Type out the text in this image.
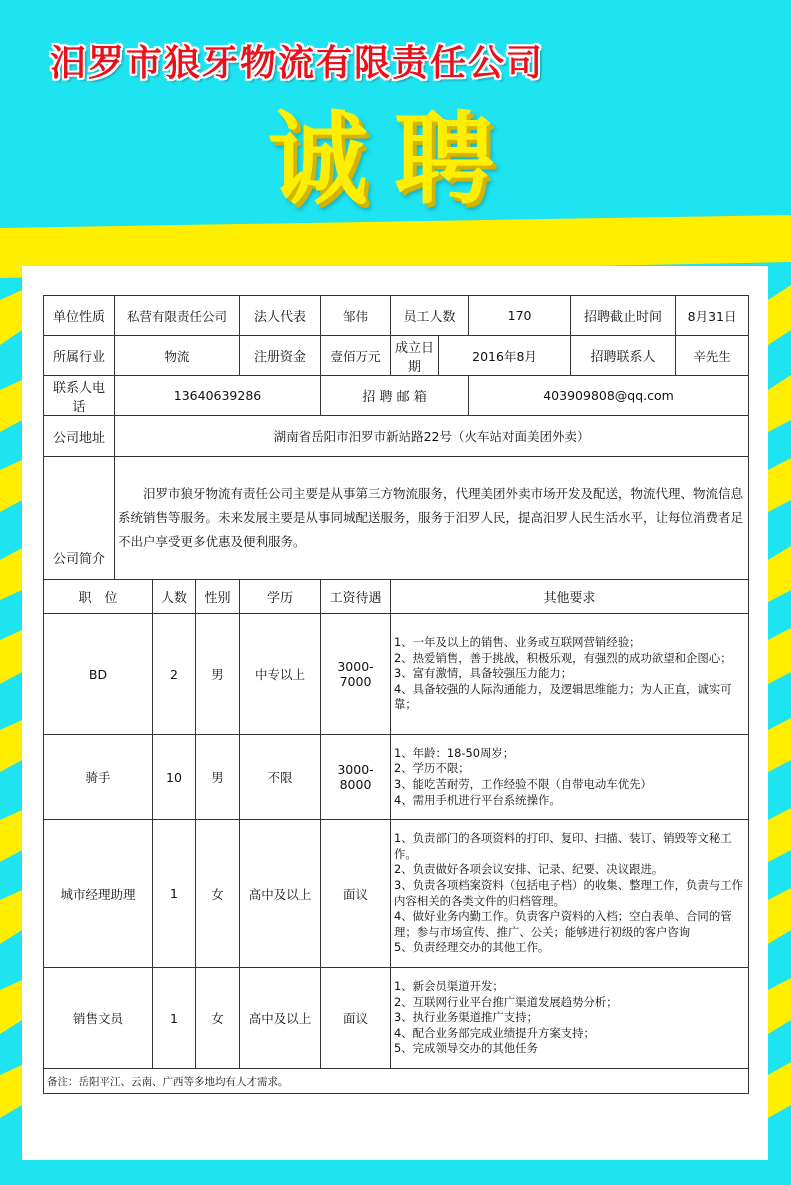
汨罗市狼牙物流有限责任公司
诚聘
单位性质	私营有限责任公司			法人代表	邹伟	员工人数		170	招聘截止时间	8月31日
所属行业	物流			注册资金	壹佰万元	成立日期	2016年8月		招聘联系人	辛先生
联系人电话	13640639286				招 聘 邮 箱			403909808@qq.com		
公司地址	湖南省岳阳市汨罗市新站路22号（火车站对面美团外卖）									
公司简介	汨罗市狼牙物流有责任公司主要是从事第三方物流服务，代理美团外卖市场开发及配送，物流代理、物流信息系统销售等服务。未来发展主要是从事同城配送服务，服务于汨罗人民，提高汨罗人民生活水平，让每位消费者足不出户享受更多优惠及便利服务。									
职　位		人数	性别	学历	工资待遇	其他要求				
BD		2	男	中专以上	3000-7000	1、一年及以上的销售、业务或互联网营销经验；
2、热爱销售，善于挑战，积极乐观，有强烈的成功欲望和企图心；
3、富有激情，具备较强压力能力；
4、具备较强的人际沟通能力，及逻辑思维能力；为人正直，诚实可靠；				

骑手		10	男	不限	3000-8000	1、年龄：18-50周岁；
2、学历不限；
3、能吃苦耐劳，工作经验不限（自带电动车优先）
4、需用手机进行平台系统操作。				

城市经理助理		1	女	高中及以上	面议	1、负责部门的各项资料的打印、复印、扫描、装订、销毁等文秘工作。
2、负责做好各项会议安排、记录、纪要、决议跟进。
3、负责各项档案资料（包括电子档）的收集、整理工作，负责与工作内容相关的各类文件的归档管理。
4、做好业务内勤工作。负责客户资料的入档；空白表单、合同的管理；参与市场宣传、推广、公关；能够进行初级的客户咨询
5、负责经理交办的其他工作。				

销售文员		1	女	高中及以上	面议	1、新会员渠道开发；
2、互联网行业平台推广渠道发展趋势分析；
3、执行业务渠道推广支持；
4、配合业务部完成业绩提升方案支持；
5、完成领导交办的其他任务				

备注：岳阳平江、云南、广西等多地均有人才需求。										
